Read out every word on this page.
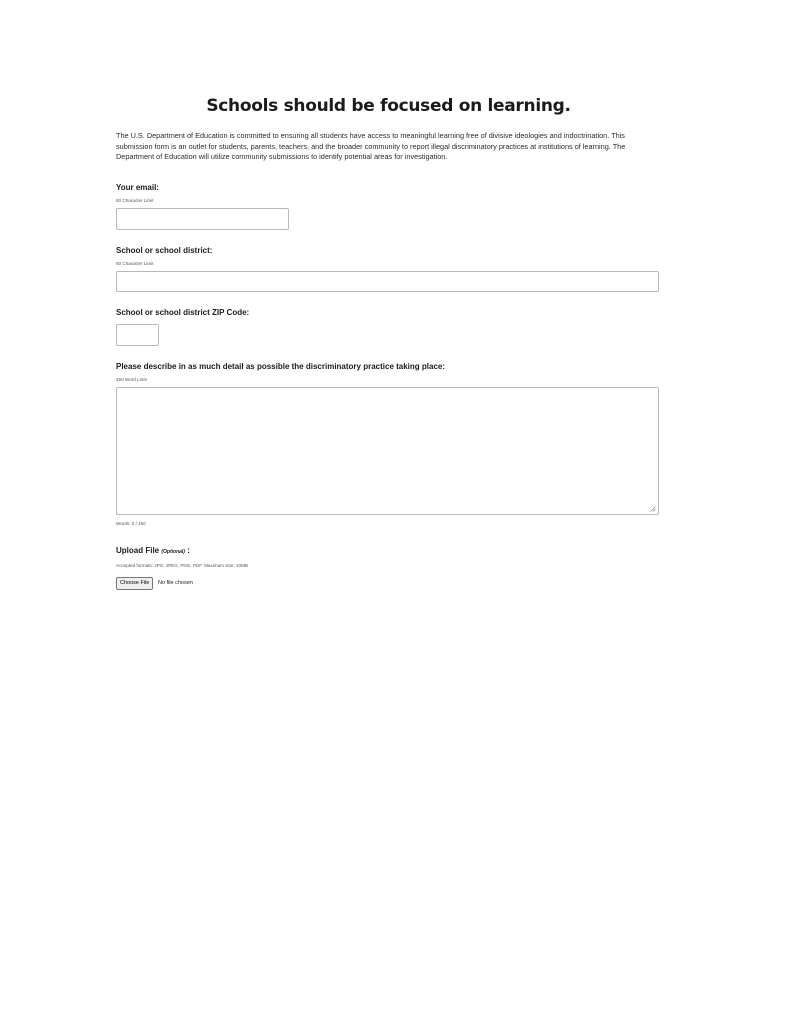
Schools should be focused on learning.

The U.S. Department of Education is committed to ensuring all students have access to meaningful learning free of divisive ideologies and indoctrination. This submission form is an outlet for students, parents, teachers, and the broader community to report illegal discriminatory practices at institutions of learning. The Department of Education will utilize community submissions to identify potential areas for investigation.

Your email:

50 Character Limit

School or school district:

50 Character Limit

School or school district ZIP Code:

Please describe in as much detail as possible the discriminatory practice taking place:

450 Word Limit

Words: 0 / 450

Upload File (Optional) :

Accepted formats: JPG, JPEG, PNG, PDF. Maximum size: 10MB

Choose File	No file chosen
